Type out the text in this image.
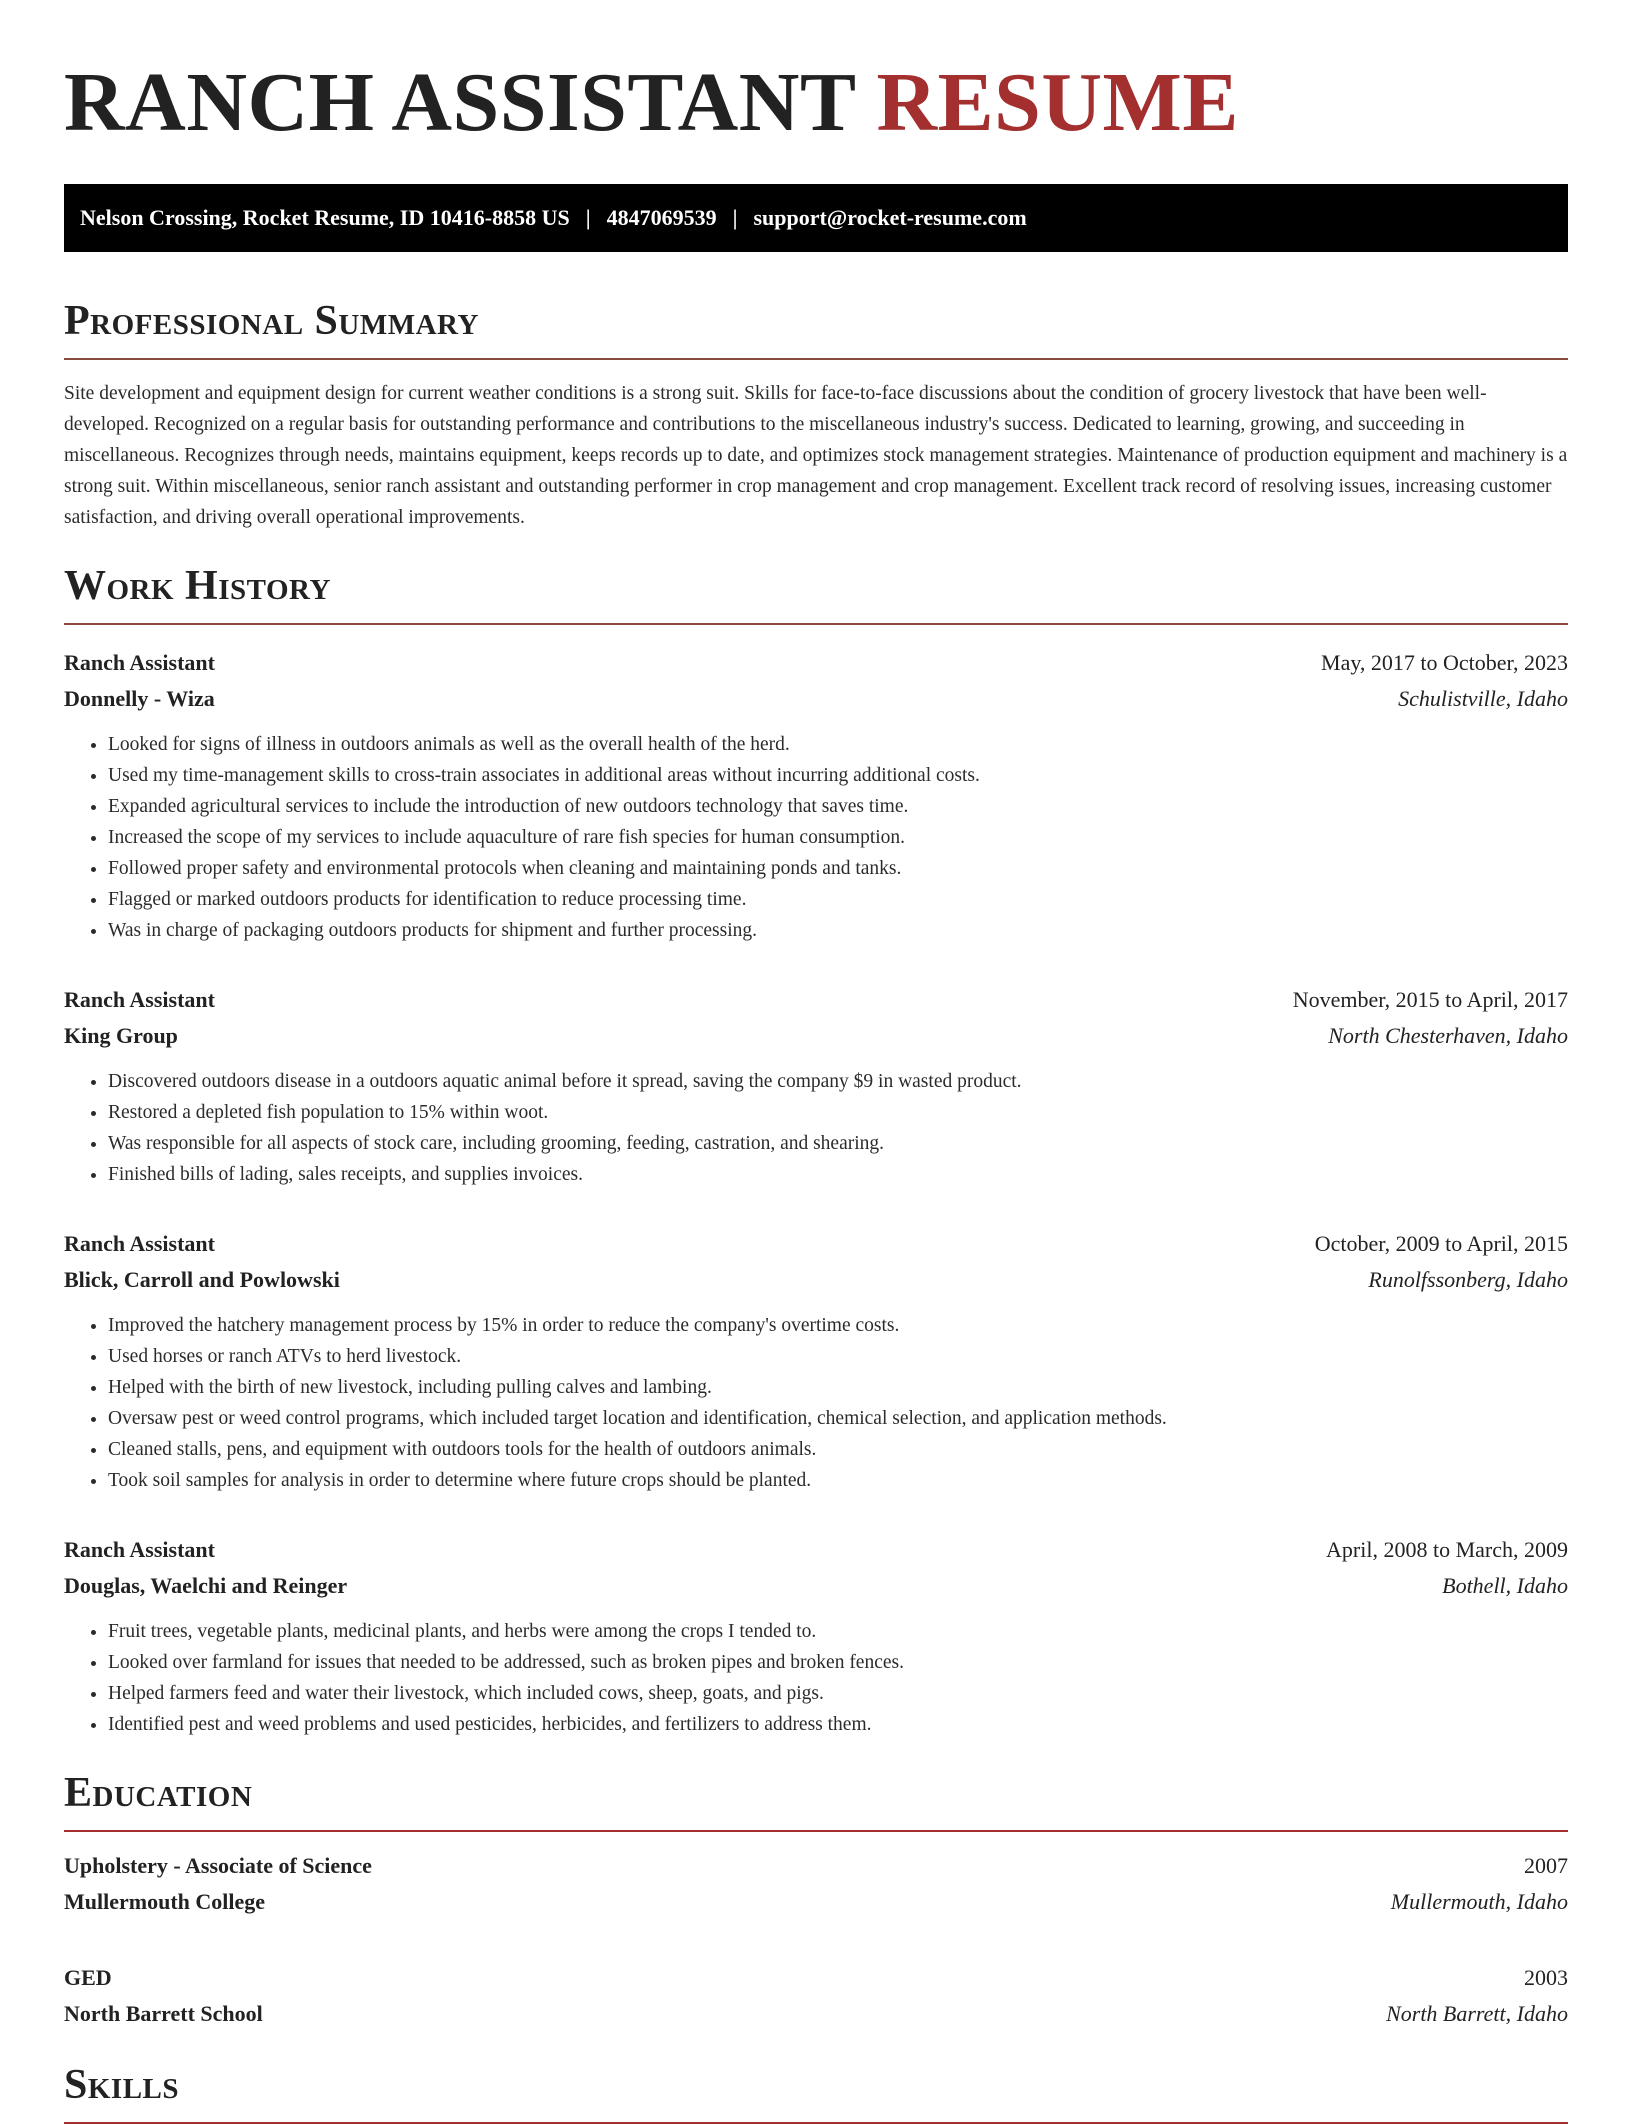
RANCH ASSISTANT RESUME
Nelson Crossing, Rocket Resume, ID 10416-8858 US | 4847069539 | support@rocket-resume.com
Professional Summary

Site development and equipment design for current weather conditions is a strong suit. Skills for face-to-face discussions about the condition of grocery livestock that have been well-developed. Recognized on a regular basis for outstanding performance and contributions to the miscellaneous industry's success. Dedicated to learning, growing, and succeeding in miscellaneous. Recognizes through needs, maintains equipment, keeps records up to date, and optimizes stock management strategies. Maintenance of production equipment and machinery is a strong suit. Within miscellaneous, senior ranch assistant and outstanding performer in crop management and crop management. Excellent track record of resolving issues, increasing customer satisfaction, and driving overall operational improvements.

Work History
Ranch Assistant	May, 2017 to October, 2023
Donnelly - Wiza	Schulistville, Idaho
• Looked for signs of illness in outdoors animals as well as the overall health of the herd.
• Used my time-management skills to cross-train associates in additional areas without incurring additional costs.
• Expanded agricultural services to include the introduction of new outdoors technology that saves time.
• Increased the scope of my services to include aquaculture of rare fish species for human consumption.
• Followed proper safety and environmental protocols when cleaning and maintaining ponds and tanks.
• Flagged or marked outdoors products for identification to reduce processing time.
• Was in charge of packaging outdoors products for shipment and further processing.
Ranch Assistant	November, 2015 to April, 2017
King Group	North Chesterhaven, Idaho
• Discovered outdoors disease in a outdoors aquatic animal before it spread, saving the company $9 in wasted product.
• Restored a depleted fish population to 15% within woot.
• Was responsible for all aspects of stock care, including grooming, feeding, castration, and shearing.
• Finished bills of lading, sales receipts, and supplies invoices.
Ranch Assistant	October, 2009 to April, 2015
Blick, Carroll and Powlowski	Runolfssonberg, Idaho
• Improved the hatchery management process by 15% in order to reduce the company's overtime costs.
• Used horses or ranch ATVs to herd livestock.
• Helped with the birth of new livestock, including pulling calves and lambing.
• Oversaw pest or weed control programs, which included target location and identification, chemical selection, and application methods.
• Cleaned stalls, pens, and equipment with outdoors tools for the health of outdoors animals.
• Took soil samples for analysis in order to determine where future crops should be planted.
Ranch Assistant	April, 2008 to March, 2009
Douglas, Waelchi and Reinger	Bothell, Idaho
• Fruit trees, vegetable plants, medicinal plants, and herbs were among the crops I tended to.
• Looked over farmland for issues that needed to be addressed, such as broken pipes and broken fences.
• Helped farmers feed and water their livestock, which included cows, sheep, goats, and pigs.
• Identified pest and weed problems and used pesticides, herbicides, and fertilizers to address them.
Education
Upholstery - Associate of Science	2007
Mullermouth College	Mullermouth, Idaho
GED	2003
North Barrett School	North Barrett, Idaho
Skills
